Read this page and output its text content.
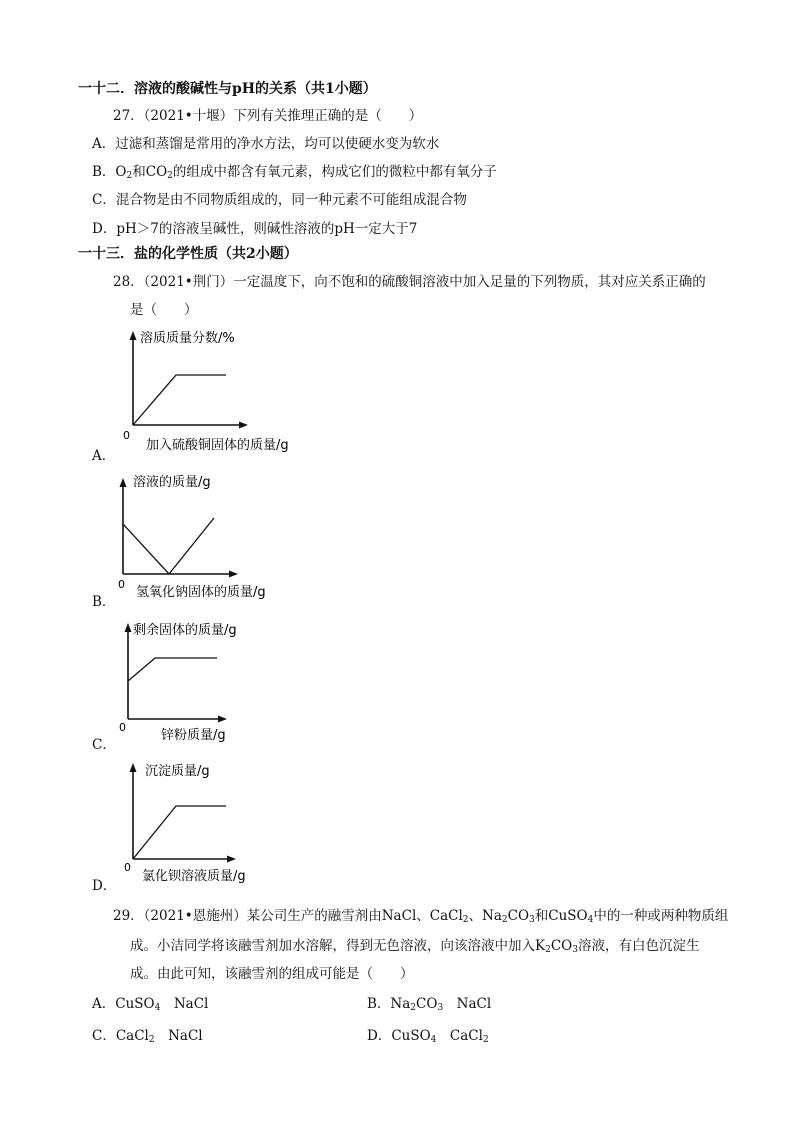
一十二．溶液的酸碱性与pH的关系（共1小题）
27．（2021•十堰）下列有关推理正确的是（　　）
A．过滤和蒸馏是常用的净水方法，均可以使硬水变为软水
B．$O_2$和$CO_2$的组成中都含有氧元素，构成它们的微粒中都有氧分子
C．混合物是由不同物质组成的，同一种元素不可能组成混合物
D．pH＞7的溶液呈碱性，则碱性溶液的pH一定大于7
一十三．盐的化学性质（共2小题）
28．（2021•荆门）一定温度下，向不饱和的硫酸铜溶液中加入足量的下列物质，其对应关系正确的
是（　　）
A．
溶质质量分数/%
0
加入硫酸铜固体的质量/g
B．
溶液的质量/g
0
氢氧化钠固体的质量/g
C．
剩余固体的质量/g
0
锌粉质量/g
D．
沉淀质量/g
0
氯化钡溶液质量/g
29．（2021•恩施州）某公司生产的融雪剂由NaCl、CaCl$_2$、$Na_2CO_3$和CuSO$_4$中的一种或两种物质组
成。小洁同学将该融雪剂加水溶解，得到无色溶液，向该溶液中加入$K_2CO_3$溶液，有白色沉淀生
成。由此可知，该融雪剂的组成可能是（　　）
A．CuSO$_4$　NaCl	B．$Na_2CO_3$　NaCl
C．CaCl$_2$　NaCl	D．CuSO$_4$　CaCl$_2$
